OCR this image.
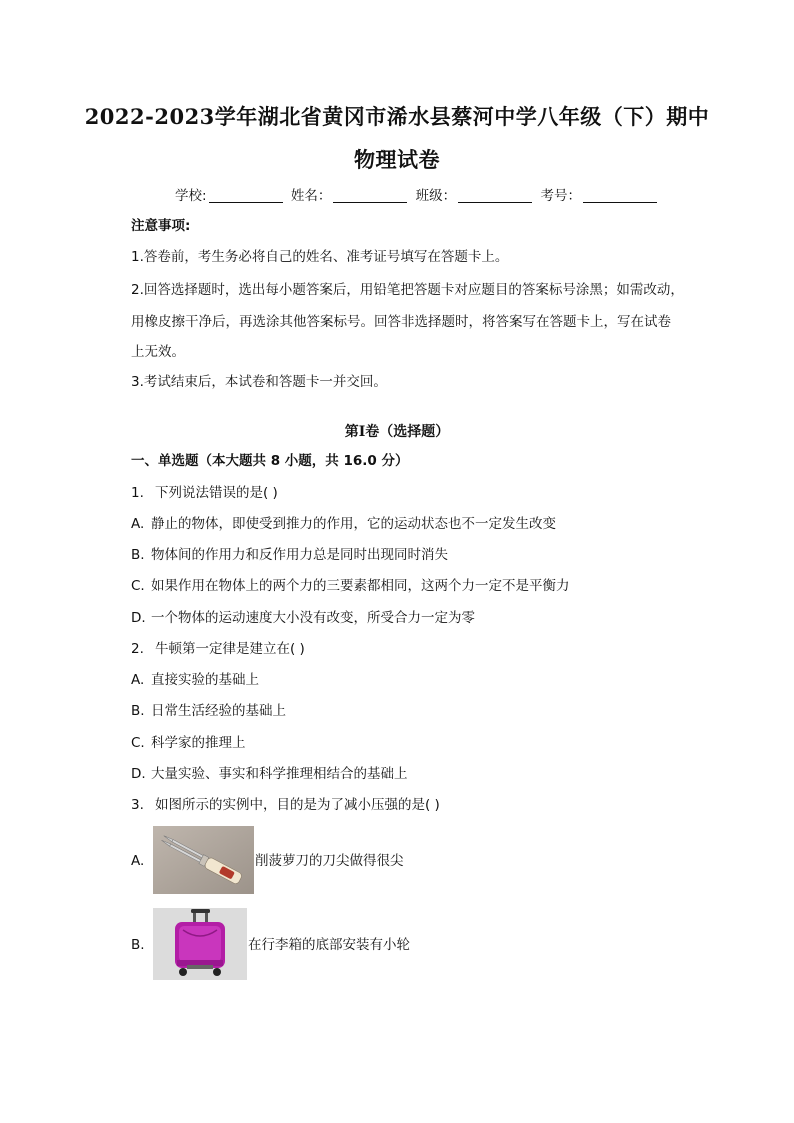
2022-2023学年湖北省黄冈市浠水县蔡河中学八年级（下）期中
物理试卷
学校:	姓名：	班级：	考号：
注意事项:
1.答卷前，考生务必将自己的姓名、准考证号填写在答题卡上。
2.回答选择题时，选出每小题答案后，用铅笔把答题卡对应题目的答案标号涂黑；如需改动，
用橡皮擦干净后，再选涂其他答案标号。回答非选择题时，将答案写在答题卡上，写在试卷
上无效。
3.考试结束后，本试卷和答题卡一并交回。
第Ⅰ卷（选择题）
一、单选题（本大题共 8 小题，共 16.0 分）
1. 下列说法错误的是( )
A. 静止的物体，即使受到推力的作用，它的运动状态也不一定发生改变
B. 物体间的作用力和反作用力总是同时出现同时消失
C. 如果作用在物体上的两个力的三要素都相同，这两个力一定不是平衡力
D. 一个物体的运动速度大小没有改变，所受合力一定为零
2. 牛顿第一定律是建立在( )
A. 直接实验的基础上
B. 日常生活经验的基础上
C. 科学家的推理上
D. 大量实验、事实和科学推理相结合的基础上
3. 如图所示的实例中，目的是为了减小压强的是( )
A.	削菠萝刀的刀尖做得很尖
B.	在行李箱的底部安装有小轮
